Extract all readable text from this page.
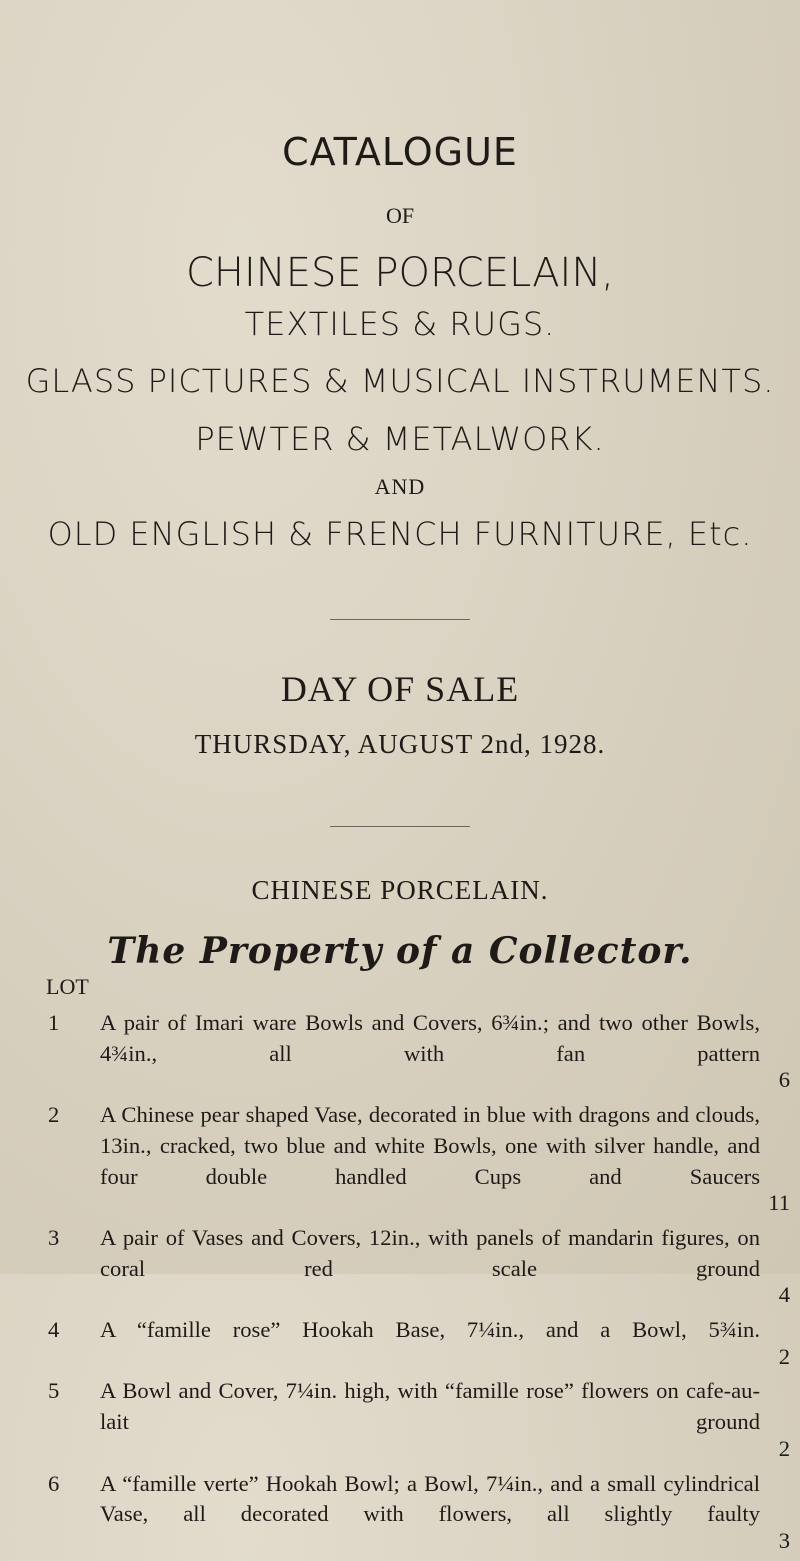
CATALOGUE
OF
CHINESE PORCELAIN,
TEXTILES & RUGS.
GLASS PICTURES & MUSICAL INSTRUMENTS.
PEWTER & METALWORK.
AND
OLD ENGLISH & FRENCH FURNITURE, Etc.
DAY OF SALE
THURSDAY, AUGUST 2nd, 1928.
CHINESE PORCELAIN.
The Property of a Collector.
LOT
1 A pair of Imari ware Bowls and Covers, 6¾in.; and two other Bowls, 4¾in., all with fan pattern
6
2 A Chinese pear shaped Vase, decorated in blue with dragons and clouds, 13in., cracked, two blue and white Bowls, one with silver handle, and four double handled Cups and Saucers
11
3 A pair of Vases and Covers, 12in., with panels of mandarin figures, on coral red scale ground
4
4 A “famille rose” Hookah Base, 7¼in., and a Bowl, 5¾in.
2
5 A Bowl and Cover, 7¼in. high, with “famille rose” flowers on cafe-au-lait ground
2
6 A “famille verte” Hookah Bowl; a Bowl, 7¼in., and a small cylindrical Vase, all decorated with flowers, all slightly faulty
3
